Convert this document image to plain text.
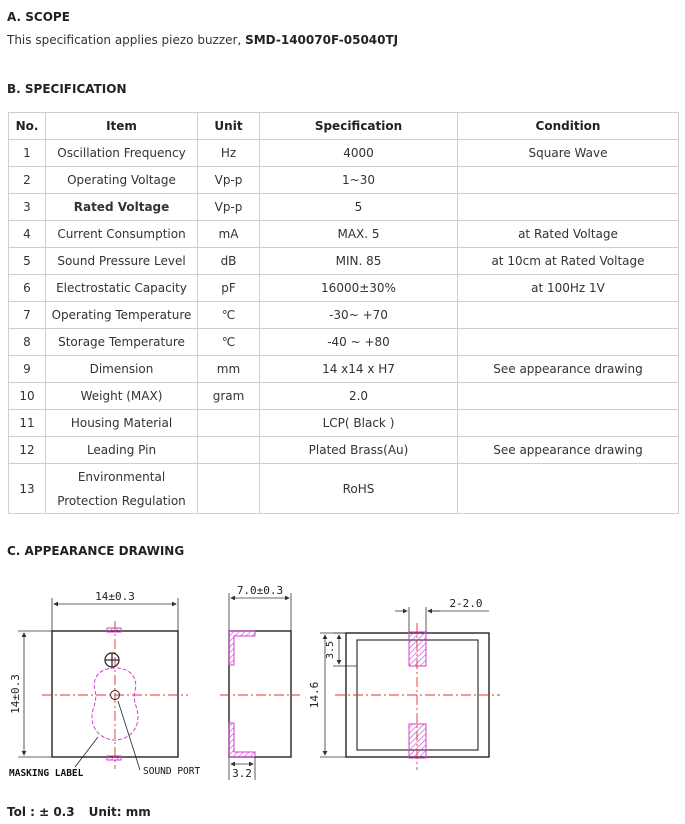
A. SCOPE
This specification applies piezo buzzer, SMD-140070F-05040TJ
B. SPECIFICATION
No.	Item	Unit	Specification	Condition
1	Oscillation Frequency	Hz	4000	Square Wave
2	Operating Voltage	Vp-p	1~30	
3	Rated Voltage	Vp-p	5	
4	Current Consumption	mA	MAX. 5	at Rated Voltage
5	Sound Pressure Level	dB	MIN. 85	at 10cm at Rated Voltage
6	Electrostatic Capacity	pF	16000±30%	at 100Hz 1V
7	Operating Temperature	℃	-30~ +70	
8	Storage Temperature	℃	-40 ~ +80	
9	Dimension	mm	14 x14 x H7	See appearance drawing
10	Weight (MAX)	gram	2.0	
11	Housing Material		LCP( Black )	
12	Leading Pin		Plated Brass(Au)	See appearance drawing
13	Environmental
Protection Regulation		RoHS	
C. APPEARANCE DRAWING
14±0.3
14±0.3
MASKING LABEL	SOUND PORT
7.0±0.3
3.2
2-2.0
3.5
14.6
Tol : ± 0.3 Unit: mm
